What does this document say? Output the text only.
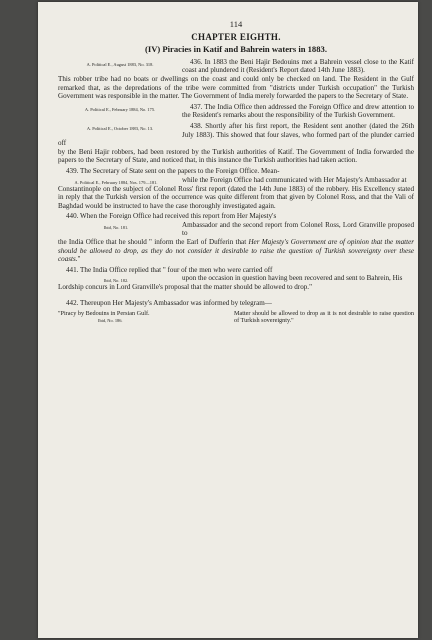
114
CHAPTER EIGHTH.
(IV) Piracies in Katif and Bahrein waters in 1883.

A. Political E., August 1883, No. 318.	436. In 1883 the Beni Hajir Bedouins met a Bahrein vessel close to the Katif coast and plundered it (Resident's Report dated 14th June 1883).

This robber tribe had no boats or dwellings on the coast and could only be checked on land. The Resident in the Gulf remarked that, as the depredations of the tribe were committed from "districts under Turkish occupation" the Turkish Government was responsible in the matter. The Government of India merely forwarded the papers to the Secretary of State.

A. Political E., February 1884, No. 175.	437. The India Office then addressed the Foreign Office and drew attention to the Resident's remarks about the responsibility of the Turkish Government.

A. Political E., October 1883, No. 13.	438. Shortly after his first report, the Resident sent another (dated the 26th July 1883). This showed that four slaves, who formed part of the plunder carried off

by the Beni Hajir robbers, had been restored by the Turkish authorities of Katif. The Government of India forwarded the papers to the Secretary of State, and noticed that, in this instance the Turkish authorities had taken action.

439. The Secretary of State sent on the papers to the Foreign Office. Mean-

A. Political E., February 1884, Nos. 179—181.	while the Foreign Office had communicated with Her Majesty's Ambassador at

Constantinople on the subject of Colonel Ross' first report (dated the 14th June 1883) of the robbery. His Excellency stated in reply that the Turkish version of the occurrence was quite different from that given by Colonel Ross, and that the Vali of Baghdad would be instructed to have the case thoroughly investigated again.

440. When the Foreign Office had received this report from Her Majesty's

Ibid, No. 181.	Ambassador and the second report from Colonel Ross, Lord Granville proposed to

the India Office that he should " inform the Earl of Dufferin that Her Majesty's Government are of opinion that the matter should be allowed to drop, as they do not consider it desirable to raise the question of Turkish sovereignty over these coasts."

441. The India Office replied that " four of the men who were carried off

Ibid, No. 182.	upon the occasion in question having been recovered and sent to Bahrein, His

Lordship concurs in Lord Granville's proposal that the matter should be allowed to drop."

442. Thereupon Her Majesty's Ambassador was informed by telegram—

"Piracy by Bedouins in Persian Gulf.
Ibid, No. 186.
Matter should be allowed to drop as it is not desirable to raise question of Turkish sovereignty."
